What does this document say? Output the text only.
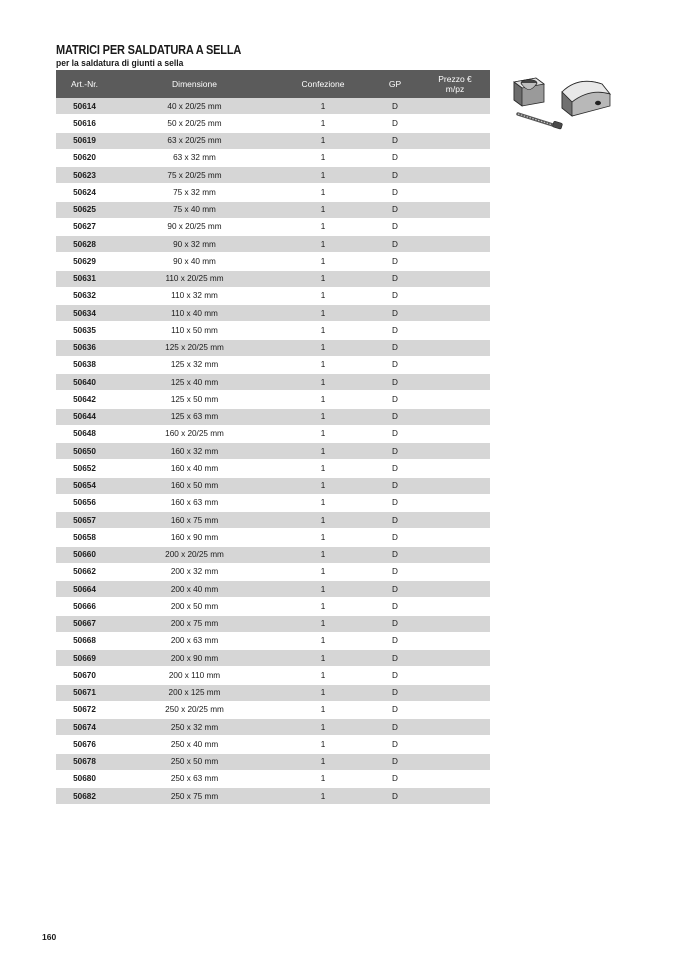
MATRICI PER SALDATURA A SELLA

per la saldatura di giunti a sella

Art.-Nr.	Dimensione	Confezione	GP	Prezzo €
m/pz
50614	40 x 20/25 mm	1	D	
50616	50 x 20/25 mm	1	D	
50619	63 x 20/25 mm	1	D	
50620	63 x 32 mm	1	D	
50623	75 x 20/25 mm	1	D	
50624	75 x 32 mm	1	D	
50625	75 x 40 mm	1	D	
50627	90 x 20/25 mm	1	D	
50628	90 x 32 mm	1	D	
50629	90 x 40 mm	1	D	
50631	110 x 20/25 mm	1	D	
50632	110 x 32 mm	1	D	
50634	110 x 40 mm	1	D	
50635	110 x 50 mm	1	D	
50636	125 x 20/25 mm	1	D	
50638	125 x 32 mm	1	D	
50640	125 x 40 mm	1	D	
50642	125 x 50 mm	1	D	
50644	125 x 63 mm	1	D	
50648	160 x 20/25 mm	1	D	
50650	160 x 32 mm	1	D	
50652	160 x 40 mm	1	D	
50654	160 x 50 mm	1	D	
50656	160 x 63 mm	1	D	
50657	160 x 75 mm	1	D	
50658	160 x 90 mm	1	D	
50660	200 x 20/25 mm	1	D	
50662	200 x 32 mm	1	D	
50664	200 x 40 mm	1	D	
50666	200 x 50 mm	1	D	
50667	200 x 75 mm	1	D	
50668	200 x 63 mm	1	D	
50669	200 x 90 mm	1	D	
50670	200 x 110 mm	1	D	
50671	200 x 125 mm	1	D	
50672	250 x 20/25 mm	1	D	
50674	250 x 32 mm	1	D	
50676	250 x 40 mm	1	D	
50678	250 x 50 mm	1	D	
50680	250 x 63 mm	1	D	
50682	250 x 75 mm	1	D	
160
